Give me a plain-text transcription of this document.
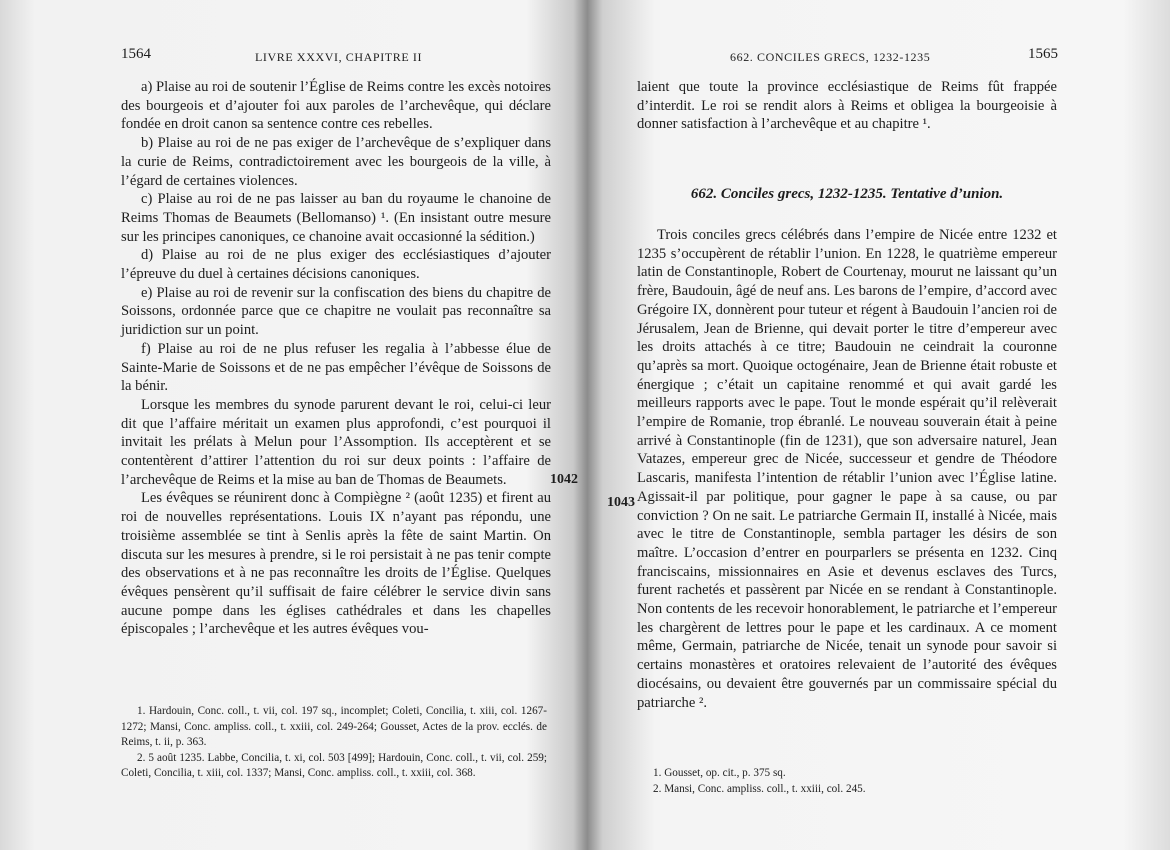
1564	LIVRE XXXVI, CHAPITRE II

a) Plaise au roi de soutenir l’Église de Reims contre les excès notoires des bourgeois et d’ajouter foi aux paroles de l’archevêque, qui déclare fondée en droit canon sa sentence contre ces rebelles.

b) Plaise au roi de ne pas exiger de l’archevêque de s’expliquer dans la curie de Reims, contradictoirement avec les bourgeois de la ville, à l’égard de certaines violences.

c) Plaise au roi de ne pas laisser au ban du royaume le chanoine de Reims Thomas de Beaumets (Bellomanso) ¹. (En insistant outre mesure sur les principes canoniques, ce chanoine avait occasionné la sédition.)

d) Plaise au roi de ne plus exiger des ecclésiastiques d’ajouter l’épreuve du duel à certaines décisions canoniques.

e) Plaise au roi de revenir sur la confiscation des biens du chapitre de Soissons, ordonnée parce que ce chapitre ne voulait pas reconnaître sa juridiction sur un point.

f) Plaise au roi de ne plus refuser les regalia à l’abbesse élue de Sainte-Marie de Soissons et de ne pas empêcher l’évêque de Soissons de la bénir.

Lorsque les membres du synode parurent devant le roi, celui-ci leur dit que l’affaire méritait un examen plus approfondi, c’est pourquoi il invitait les prélats à Melun pour l’Assomption. Ils acceptèrent et se contentèrent d’attirer l’attention du roi sur deux points : l’affaire de l’archevêque de Reims et la mise au ban de Thomas de Beaumets.

Les évêques se réunirent donc à Compiègne ² (août 1235) et firent au roi de nouvelles représentations. Louis IX n’ayant pas répondu, une troisième assemblée se tint à Senlis après la fête de saint Martin. On discuta sur les mesures à prendre, si le roi persistait à ne pas tenir compte des observations et à ne pas reconnaître les droits de l’Église. Quelques évêques pensèrent qu’il suffisait de faire célébrer le service divin sans aucune pompe dans les églises cathédrales et dans les chapelles épiscopales ; l’archevêque et les autres évêques vou-

1042

1. Hardouin, Conc. coll., t. vii, col. 197 sq., incomplet; Coleti, Concilia, t. xiii, col. 1267-1272; Mansi, Conc. ampliss. coll., t. xxiii, col. 249-264; Gousset, Actes de la prov. ecclés. de Reims, t. ii, p. 363.

2. 5 août 1235. Labbe, Concilia, t. xi, col. 503 [499]; Hardouin, Conc. coll., t. vii, col. 259; Coleti, Concilia, t. xiii, col. 1337; Mansi, Conc. ampliss. coll., t. xxiii, col. 368.

662. CONCILES GRECS, 1232-1235	1565

laient que toute la province ecclésiastique de Reims fût frappée d’interdit. Le roi se rendit alors à Reims et obligea la bourgeoisie à donner satisfaction à l’archevêque et au chapitre ¹.

662. Conciles grecs, 1232-1235. Tentative d’union.

Trois conciles grecs célébrés dans l’empire de Nicée entre 1232 et 1235 s’occupèrent de rétablir l’union. En 1228, le quatrième empereur latin de Constantinople, Robert de Courtenay, mourut ne laissant qu’un frère, Baudouin, âgé de neuf ans. Les barons de l’empire, d’accord avec Grégoire IX, donnèrent pour tuteur et régent à Baudouin l’ancien roi de Jérusalem, Jean de Brienne, qui devait porter le titre d’empereur avec les droits attachés à ce titre; Baudouin ne ceindrait la couronne qu’après sa mort. Quoique octogénaire, Jean de Brienne était robuste et énergique ; c’était un capitaine renommé et qui avait gardé les meilleurs rapports avec le pape. Tout le monde espérait qu’il relèverait l’empire de Romanie, trop ébranlé. Le nouveau souverain était à peine arrivé à Constantinople (fin de 1231), que son adversaire naturel, Jean Vatazes, empereur grec de Nicée, successeur et gendre de Théodore Lascaris, manifesta l’intention de rétablir l’union avec l’Église latine. Agissait-il par politique, pour gagner le pape à sa cause, ou par conviction ? On ne sait. Le patriarche Germain II, installé à Nicée, mais avec le titre de Constantinople, sembla partager les désirs de son maître. L’occasion d’entrer en pourparlers se présenta en 1232. Cinq franciscains, missionnaires en Asie et devenus esclaves des Turcs, furent rachetés et passèrent par Nicée en se rendant à Constantinople. Non contents de les recevoir honorablement, le patriarche et l’empereur les chargèrent de lettres pour le pape et les cardinaux. A ce moment même, Germain, patriarche de Nicée, tenait un synode pour savoir si certains monastères et oratoires relevaient de l’autorité des évêques diocésains, ou devaient être gouvernés par un commissaire spécial du patriarche ².

1043

1. Gousset, op. cit., p. 375 sq.

2. Mansi, Conc. ampliss. coll., t. xxiii, col. 245.
